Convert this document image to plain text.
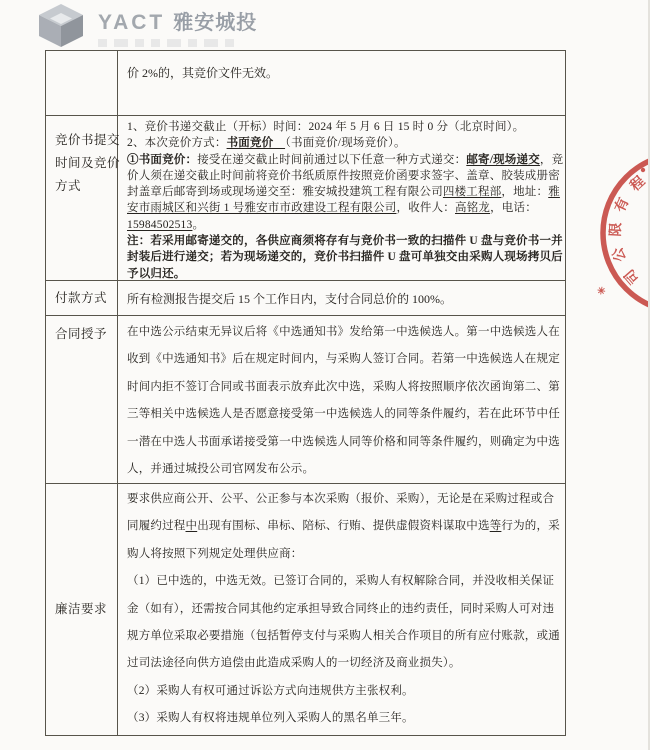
YACT 雅安城投
价 2%的，其竞价文件无效。
竞价书提交
时间及竞价
方式
1、竞价书递交截止（开标）时间：2024 年 5 月 6 日 15 时 0 分（北京时间）。
2、本次竞价方式：书面竞价　（书面竞价/现场竞价）。
①书面竞价：接受在递交截止时间前通过以下任意一种方式递交：邮寄/现场递交，竞
价人须在递交截止时间前将竞价书纸质原件按照竞价函要求签字、盖章、胶装成册密
封盖章后邮寄到场或现场递交至：雅安城投建筑工程有限公司四楼工程部，地址：雅
安市雨城区和兴街 1 号雅安市市政建设工程有限公司，收件人：高铭龙，电话：
15984502513。
注：若采用邮寄递交的，各供应商须将存有与竞价书一致的扫描件 U 盘与竞价书一并
封装后进行递交；若为现场递交的，竞价书扫描件 U 盘可单独交由采购人现场拷贝后
予以归还。
付款方式	所有检测报告提交后 15 个工作日内，支付合同总价的 100%。
合同授予	在中选公示结束无异议后将《中选通知书》发给第一中选候选人。第一中选候选人在
收到《中选通知书》后在规定时间内，与采购人签订合同。若第一中选候选人在规定
时间内拒不签订合同或书面表示放弃此次中选，采购人将按照顺序依次函询第二、第
三等相关中选候选人是否愿意接受第一中选候选人的同等条件履约，若在此环节中任
一潜在中选人书面承诺接受第一中选候选人同等价格和同等条件履约，则确定为中选
人，并通过城投公司官网发布公示。
廉洁要求
要求供应商公开、公平、公正参与本次采购（报价、采购），无论是在采购过程或合
同履约过程中出现有围标、串标、陪标、行贿、提供虚假资料谋取中选等行为的，采
购人将按照下列规定处理供应商：
（1）已中选的，中选无效。已签订合同的，采购人有权解除合同，并没收相关保证
金（如有），还需按合同其他约定承担导致合同终止的违约责任，同时采购人可对违
规方单位采取必要措施（包括暂停支付与采购人相关合作项目的所有应付账款，或通
过司法途径向供方追偿由此造成采购人的一切经济及商业损失）。
（2）采购人有权可通过诉讼方式向违规供方主张权利。
（3）采购人有权将违规单位列入采购人的黑名单三年。
程
有
限
公
司
✳
